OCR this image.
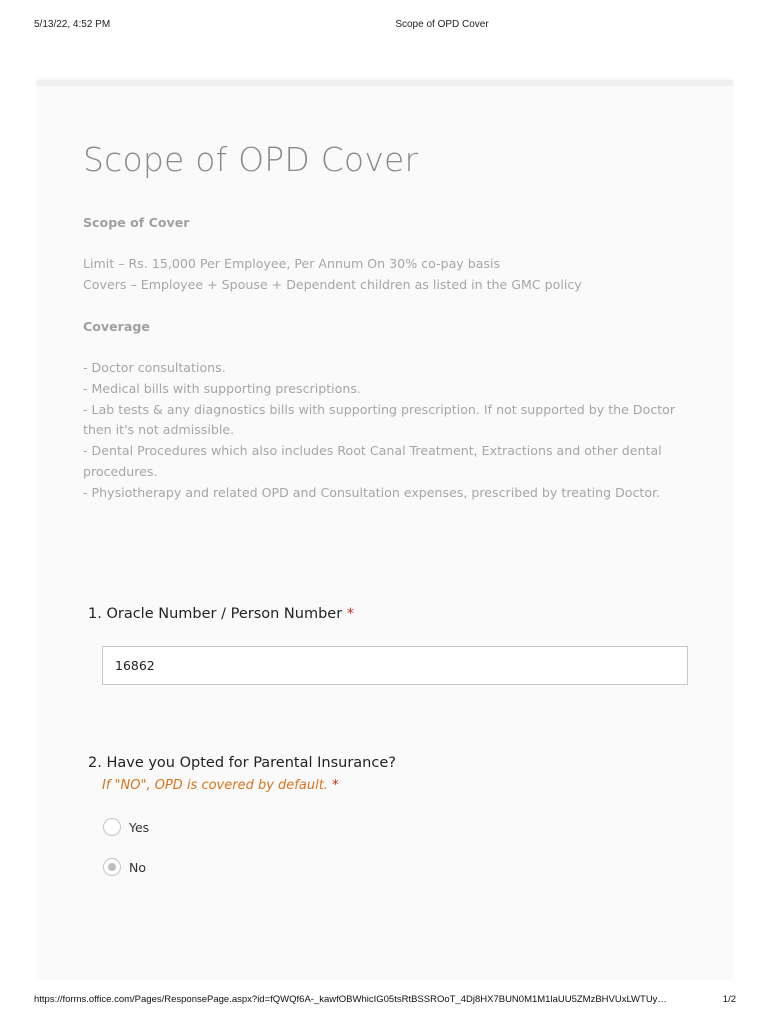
5/13/22, 4:52 PM	Scope of OPD Cover
Scope of OPD Cover
Scope of Cover

Limit – Rs. 15,000 Per Employee, Per Annum On 30% co-pay basis

Covers – Employee + Spouse + Dependent children as listed in the GMC policy

Coverage

- Doctor consultations.

- Medical bills with supporting prescriptions.

- Lab tests & any diagnostics bills with supporting prescription. If not supported by the Doctor then it's not admissible.

- Dental Procedures which also includes Root Canal Treatment, Extractions and other dental procedures.

- Physiotherapy and related OPD and Consultation expenses, prescribed by treating Doctor.

1. Oracle Number / Person Number *
16862
2. Have you Opted for Parental Insurance?
If "NO", OPD is covered by default. *
Yes
No
https://forms.office.com/Pages/ResponsePage.aspx?id=fQWQf6A-_kawfOBWhicIG05tsRtBSSROoT_4Dj8HX7BUN0M1M1laUU5ZMzBHVUxLWTUy…	1/2
